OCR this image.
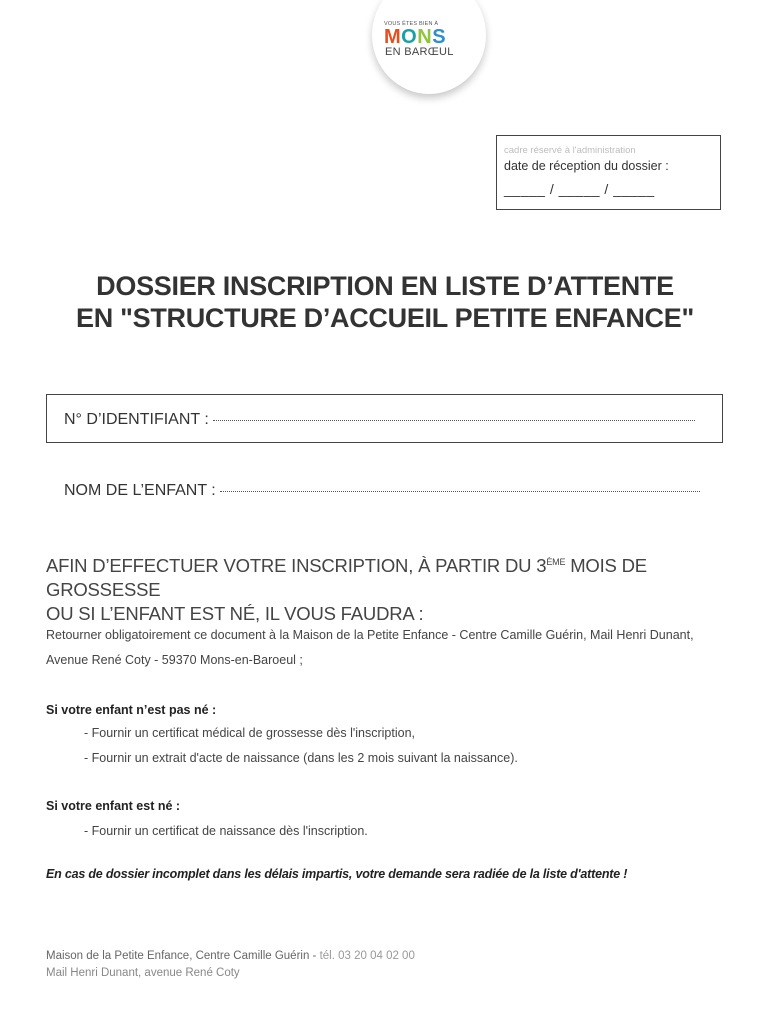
VOUS ÊTES BIEN À
MONS
EN BARŒUL
cadre réservé à l'administration
date de réception du dossier :
_____ / _____ / _____
DOSSIER INSCRIPTION EN LISTE D’ATTENTE
EN "STRUCTURE D’ACCUEIL PETITE ENFANCE"
N° D’IDENTIFIANT :
NOM DE L’ENFANT :
AFIN D’EFFECTUER VOTRE INSCRIPTION, À PARTIR DU 3ÈME MOIS DE GROSSESSE
OU SI L’ENFANT EST NÉ, IL VOUS FAUDRA :
Retourner obligatoirement ce document à la Maison de la Petite Enfance - Centre Camille Guérin, Mail Henri Dunant, Avenue René Coty - 59370 Mons-en-Baroeul ;
Si votre enfant n’est pas né :
- Fournir un certificat médical de grossesse dès l'inscription,
- Fournir un extrait d'acte de naissance (dans les 2 mois suivant la naissance).
Si votre enfant est né :
- Fournir un certificat de naissance dès l'inscription.
En cas de dossier incomplet dans les délais impartis, votre demande sera radiée de la liste d'attente !
Maison de la Petite Enfance, Centre Camille Guérin - tél. 03 20 04 02 00
Mail Henri Dunant, avenue René Coty
